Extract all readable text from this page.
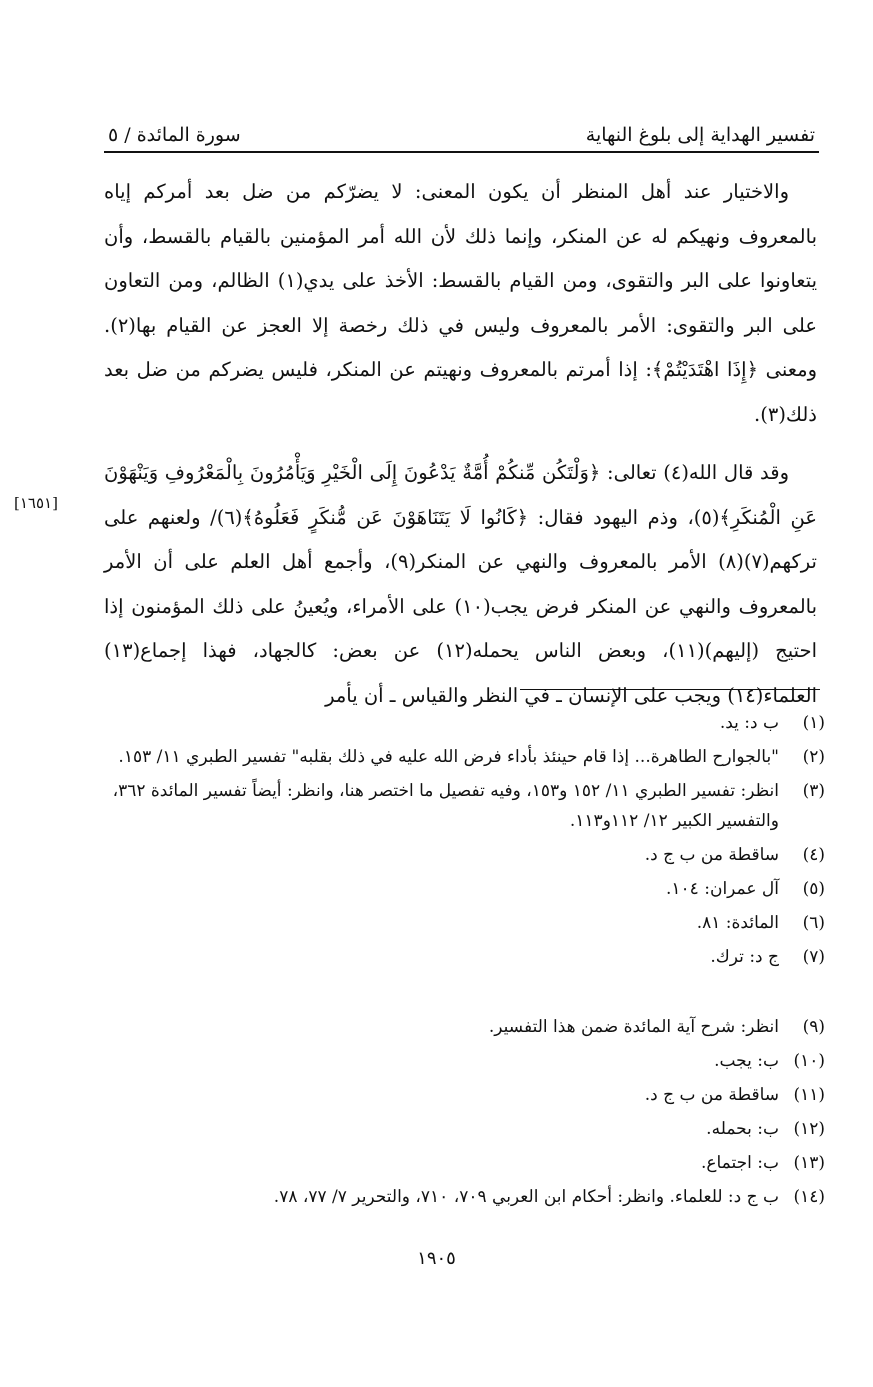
تفسير الهداية إلى بلوغ النهاية
سورة المائدة / ٥

والاختيار عند أهل المنظر أن يكون المعنى: لا يضرّكم من ضل بعد أمركم إياه بالمعروف ونهيكم له عن المنكر، وإنما ذلك لأن الله أمر المؤمنين بالقيام بالقسط، وأن يتعاونوا على البر والتقوى، ومن القيام بالقسط: الأخذ على يدي(١) الظالم، ومن التعاون على البر والتقوى: الأمر بالمعروف وليس في ذلك رخصة إلا العجز عن القيام بها(٢). ومعنى ﴿إِذَا اهْتَدَيْتُمْ﴾: إذا أمرتم بالمعروف ونهيتم عن المنكر، فليس يضركم من ضل بعد ذلك(٣).

وقد قال الله(٤) تعالى: ﴿وَلْتَكُن مِّنكُمْ أُمَّةٌ يَدْعُونَ إِلَى الْخَيْرِ وَيَأْمُرُونَ بِالْمَعْرُوفِ وَيَنْهَوْنَ عَنِ الْمُنكَرِ﴾(٥)، وذم اليهود فقال: ﴿كَانُوا لَا يَتَنَاهَوْنَ عَن مُّنكَرٍ فَعَلُوهُ﴾(٦)/ ولعنهم على تركهم(٧)(٨) الأمر بالمعروف والنهي عن المنكر(٩)، وأجمع أهل العلم على أن الأمر بالمعروف والنهي عن المنكر فرض يجب(١٠) على الأمراء، ويُعينُ على ذلك المؤمنون إذا احتيج (إليهم)(١١)، وبعض الناس يحمله(١٢) عن بعض: كالجهاد، فهذا إجماع(١٣) العلماء(١٤) ويجب على الإنسان ـ في النظر والقياس ـ أن يأمر

[١٦٥١]
(١)
ب د: يد.
(٢)
"بالجوارح الطاهرة... إذا قام حينئذ بأداء فرض الله عليه في ذلك بقلبه" تفسير الطبري ١١/ ١٥٣.
(٣)
انظر: تفسير الطبري ١١/ ١٥٢ و١٥٣، وفيه تفصيل ما اختصر هنا، وانظر: أيضاً تفسير المائدة ٣٦٢، والتفسير الكبير ١٢/ ١١٢و١١٣.
(٤)
ساقطة من ب ج د.
(٥)
آل عمران: ١٠٤.
(٦)
المائدة: ٨١.
(٧)
ج د: ترك.
(٩)
انظر: شرح آية المائدة ضمن هذا التفسير.
(١٠)
ب: يجب.
(١١)
ساقطة من ب ج د.
(١٢)
ب: بحمله.
(١٣)
ب: اجتماع.
(١٤)
ب ج د: للعلماء. وانظر: أحكام ابن العربي ٧٠٩، ٧١٠، والتحرير ٧/ ٧٧، ٧٨.
١٩٠٥
